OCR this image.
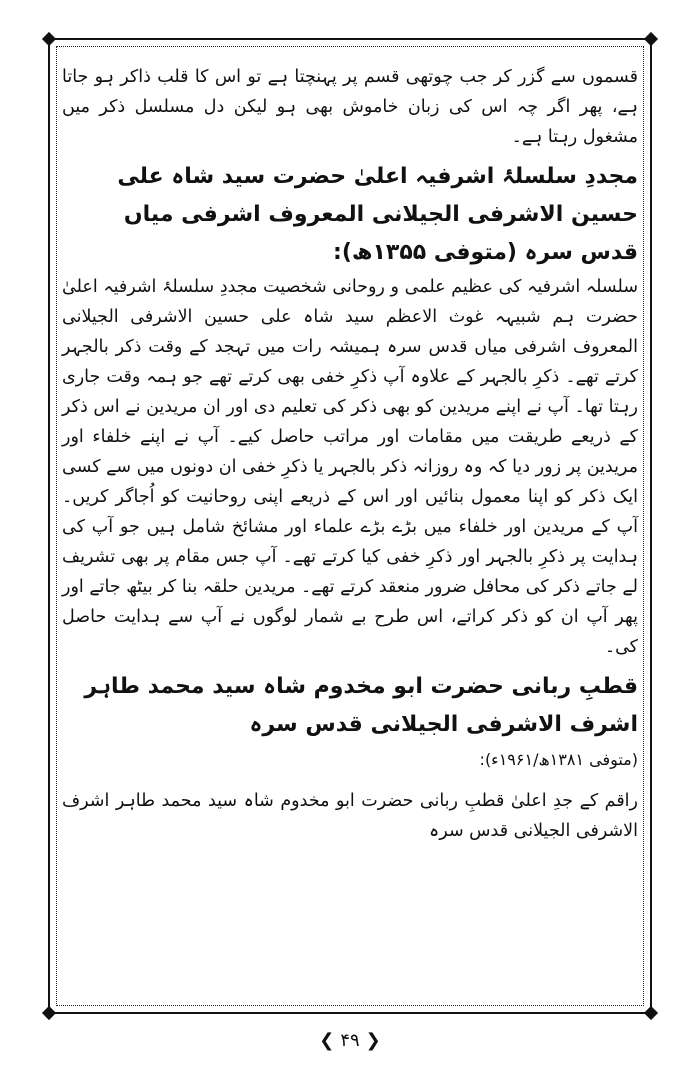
قسموں سے گزر کر جب چوتھی قسم پر پہنچتا ہے تو اس کا قلب ذاکر ہو جاتا ہے، پھر اگر چہ اس کی زبان خاموش بھی ہو لیکن دل مسلسل ذکر میں مشغول رہتا ہے۔

مجددِ سلسلۂ اشرفیہ اعلیٰ حضرت سید شاہ علی حسین الاشرفی الجیلانی المعروف اشرفی میاں قدس سرہ (متوفی ۱۳۵۵ھ):

سلسلہ اشرفیہ کی عظیم علمی و روحانی شخصیت مجددِ سلسلۂ اشرفیہ اعلیٰ حضرت ہم شبیہہ غوث الاعظم سید شاہ علی حسین الاشرفی الجیلانی المعروف اشرفی میاں قدس سرہ ہمیشہ رات میں تہجد کے وقت ذکر بالجہر کرتے تھے۔ ذکرِ بالجہر کے علاوہ آپ ذکرِ خفی بھی کرتے تھے جو ہمہ وقت جاری رہتا تھا۔ آپ نے اپنے مریدین کو بھی ذکر کی تعلیم دی اور ان مریدین نے اس ذکر کے ذریعے طریقت میں مقامات اور مراتب حاصل کیے۔ آپ نے اپنے خلفاء اور مریدین پر زور دیا کہ وہ روزانہ ذکر بالجہر یا ذکرِ خفی ان دونوں میں سے کسی ایک ذکر کو اپنا معمول بنائیں اور اس کے ذریعے اپنی روحانیت کو اُجاگر کریں۔ آپ کے مریدین اور خلفاء میں بڑے بڑے علماء اور مشائخ شامل ہیں جو آپ کی ہدایت پر ذکرِ بالجہر اور ذکرِ خفی کیا کرتے تھے۔ آپ جس مقام پر بھی تشریف لے جاتے ذکر کی محافل ضرور منعقد کرتے تھے۔ مریدین حلقہ بنا کر بیٹھ جاتے اور پھر آپ ان کو ذکر کراتے، اس طرح بے شمار لوگوں نے آپ سے ہدایت حاصل کی۔

قطبِ ربانی حضرت ابو مخدوم شاہ سید محمد طاہر اشرف الاشرفی الجیلانی قدس سرہ
(متوفی ۱۳۸۱ھ/۱۹۶۱ء):

راقم کے جدِ اعلیٰ قطبِ ربانی حضرت ابو مخدوم شاہ سید محمد طاہر اشرف الاشرفی الجیلانی قدس سرہ

❮۴۹❯
